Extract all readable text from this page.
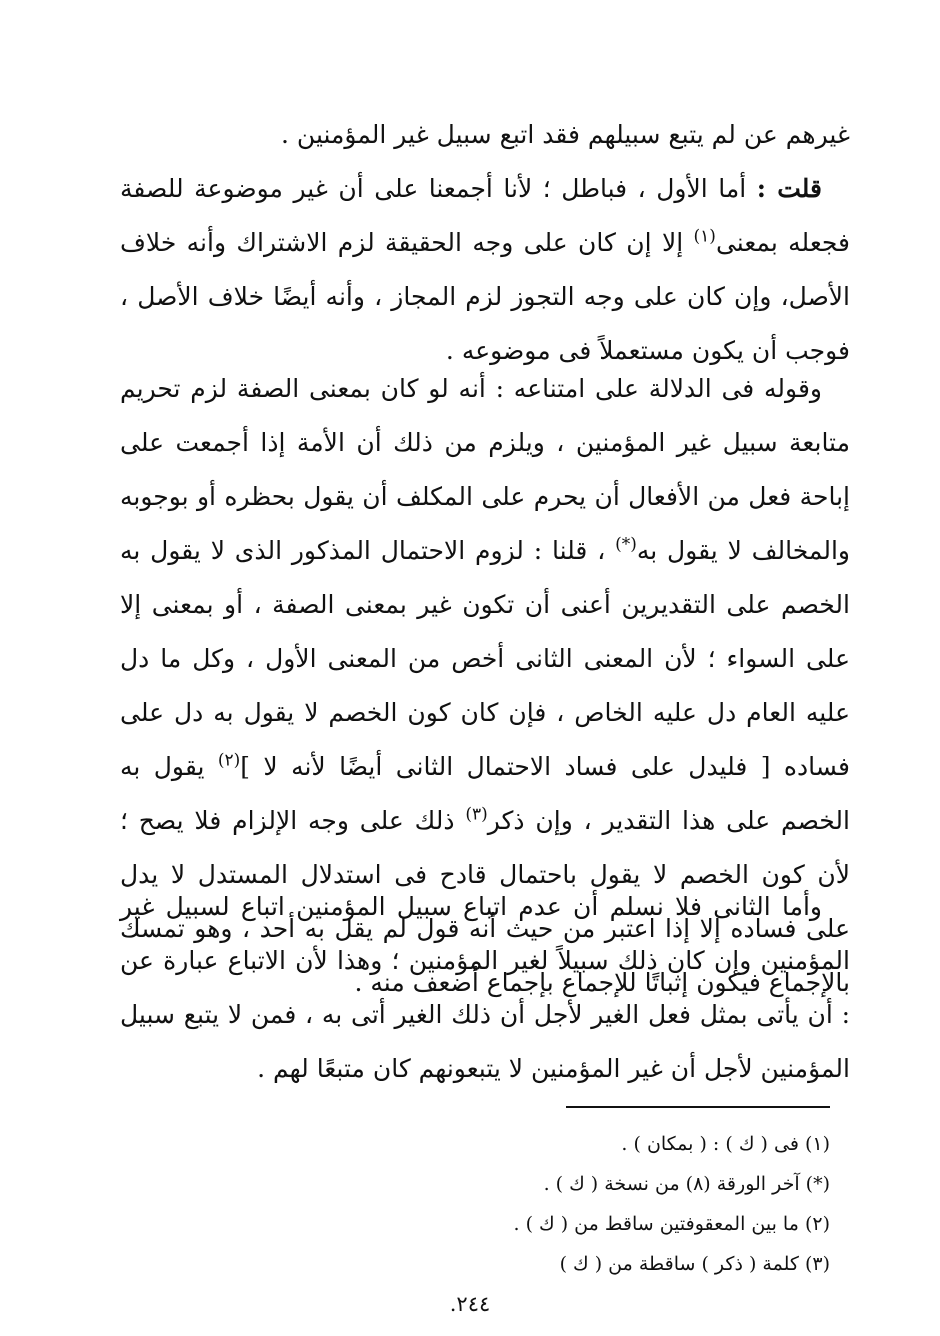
غيرهم عن لم يتبع سبيلهم فقد اتبع سبيل غير المؤمنين .

قلت : أما الأول ، فباطل ؛ لأنا أجمعنا على أن غير موضوعة للصفة فجعله بمعنى$^{(١)}$ إلا إن كان على وجه الحقيقة لزم الاشتراك وأنه خلاف الأصل، وإن كان على وجه التجوز لزم المجاز ، وأنه أيضًا خلاف الأصل ، فوجب أن يكون مستعملاً فى موضوعه .

وقوله فى الدلالة على امتناعه : أنه لو كان بمعنى الصفة لزم تحريم متابعة سبيل غير المؤمنين ، ويلزم من ذلك أن الأمة إذا أجمعت على إباحة فعل من الأفعال أن يحرم على المكلف أن يقول بحظره أو بوجوبه والمخالف لا يقول به(*) ، قلنا : لزوم الاحتمال المذكور الذى لا يقول به الخصم على التقديرين أعنى أن تكون غير بمعنى الصفة ، أو بمعنى إلا على السواء ؛ لأن المعنى الثانى أخص من المعنى الأول ، وكل ما دل عليه العام دل عليه الخاص ، فإن كان كون الخصم لا يقول به دل على فساده [ فليدل على فساد الاحتمال الثانى أيضًا لأنه لا ]$^{(٢)}$ يقول به الخصم على هذا التقدير ، وإن ذكر$^{(٣)}$ ذلك على وجه الإلزام فلا يصح ؛ لأن كون الخصم لا يقول باحتمال قادح فى استدلال المستدل لا يدل على فساده إلا إذا اعتبر من حيث أنه قول لم يقل به أحد ، وهو تمسك بالإجماع فيكون إثباتًا للإجماع بإجماع أضعف منه .

وأما الثانى فلا نسلم أن عدم اتباع سبيل المؤمنين اتباع لسبيل غير المؤمنين وإن كان ذلك سبيلاً لغير المؤمنين ؛ وهذا لأن الاتباع عبارة عن : أن يأتى بمثل فعل الغير لأجل أن ذلك الغير أتى به ، فمن لا يتبع سبيل المؤمنين لأجل أن غير المؤمنين لا يتبعونهم كان متبعًا لهم .

(١) فى ( ك ) : ( بمكان ) .

(*) آخر الورقة (٨) من نسخة ( ك ) .

(٢) ما بين المعقوفتين ساقط من ( ك ) .

(٣) كلمة ( ذكر ) ساقطة من ( ك )

٢٤٤.
